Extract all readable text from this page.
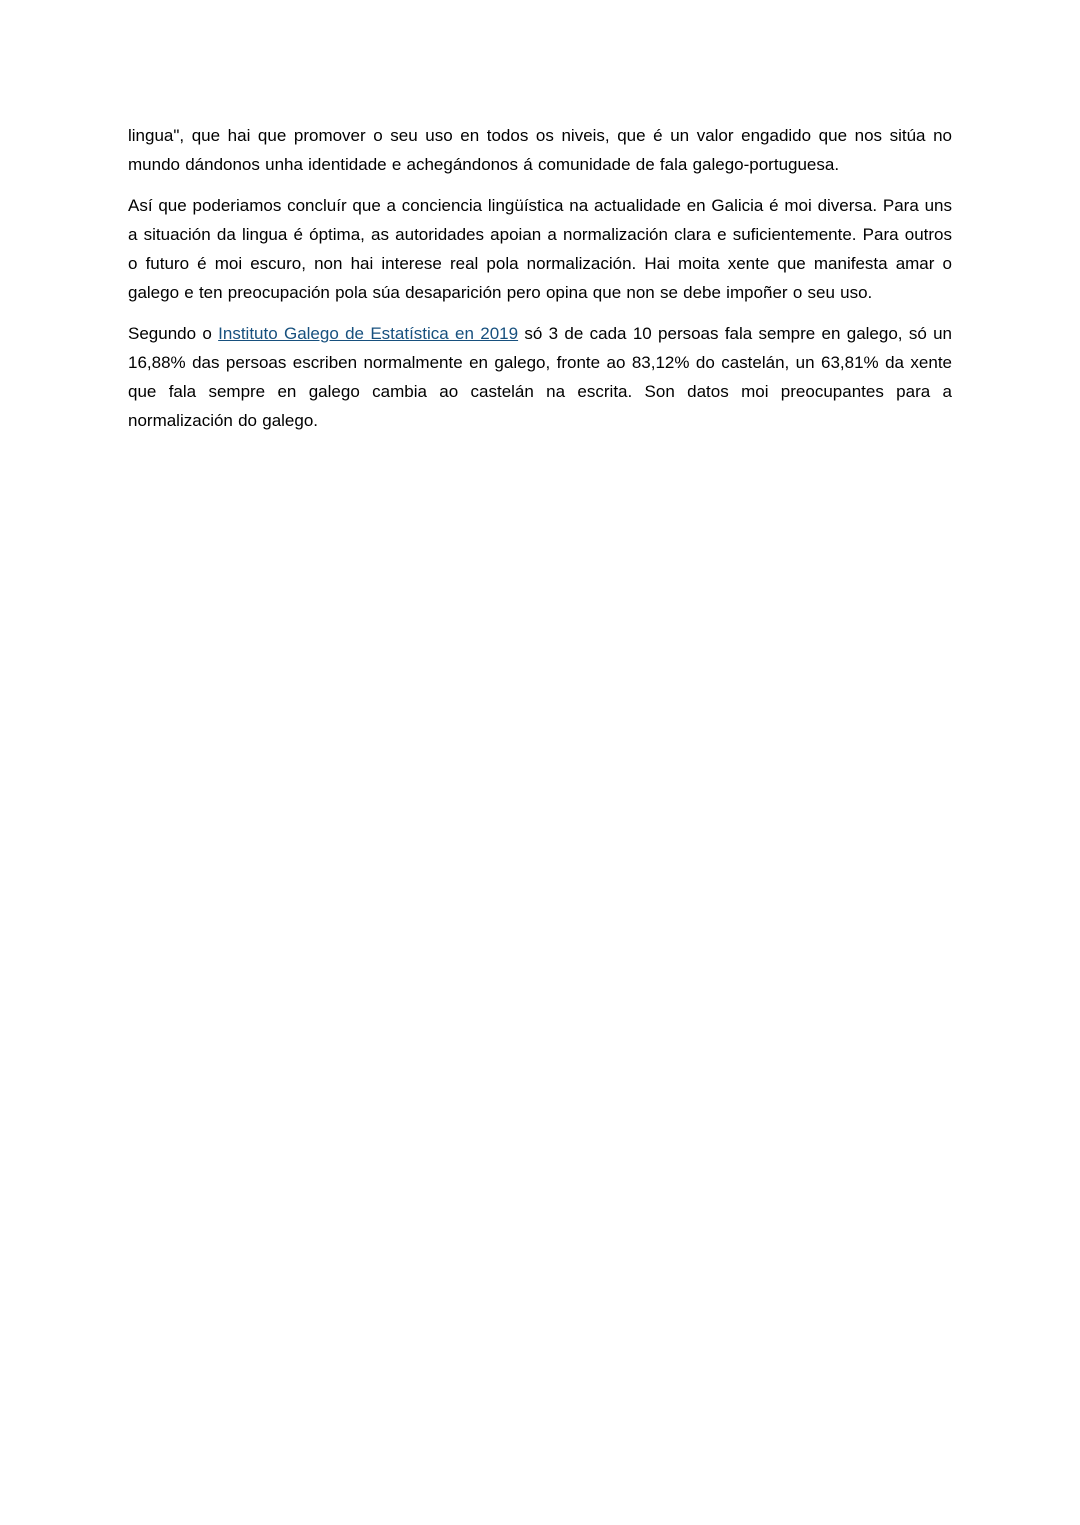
lingua", que hai que promover o seu uso en todos os niveis, que é un valor engadido que nos sitúa no mundo dándonos unha identidade e achegándonos á comunidade de fala galego-portuguesa.

Así que poderiamos concluír que a conciencia lingüística na actualidade en Galicia é moi diversa. Para uns a situación da lingua é óptima, as autoridades apoian a normalización clara e suficientemente. Para outros o futuro é moi escuro, non hai interese real pola normalización. Hai moita xente que manifesta amar o galego e ten preocupación pola súa desaparición pero opina que non se debe impoñer o seu uso.

Segundo o Instituto Galego de Estatística en 2019 só 3 de cada 10 persoas fala sempre en galego, só un 16,88% das persoas escriben normalmente en galego, fronte ao 83,12% do castelán, un 63,81% da xente que fala sempre en galego cambia ao castelán na escrita. Son datos moi preocupantes para a normalización do galego.
